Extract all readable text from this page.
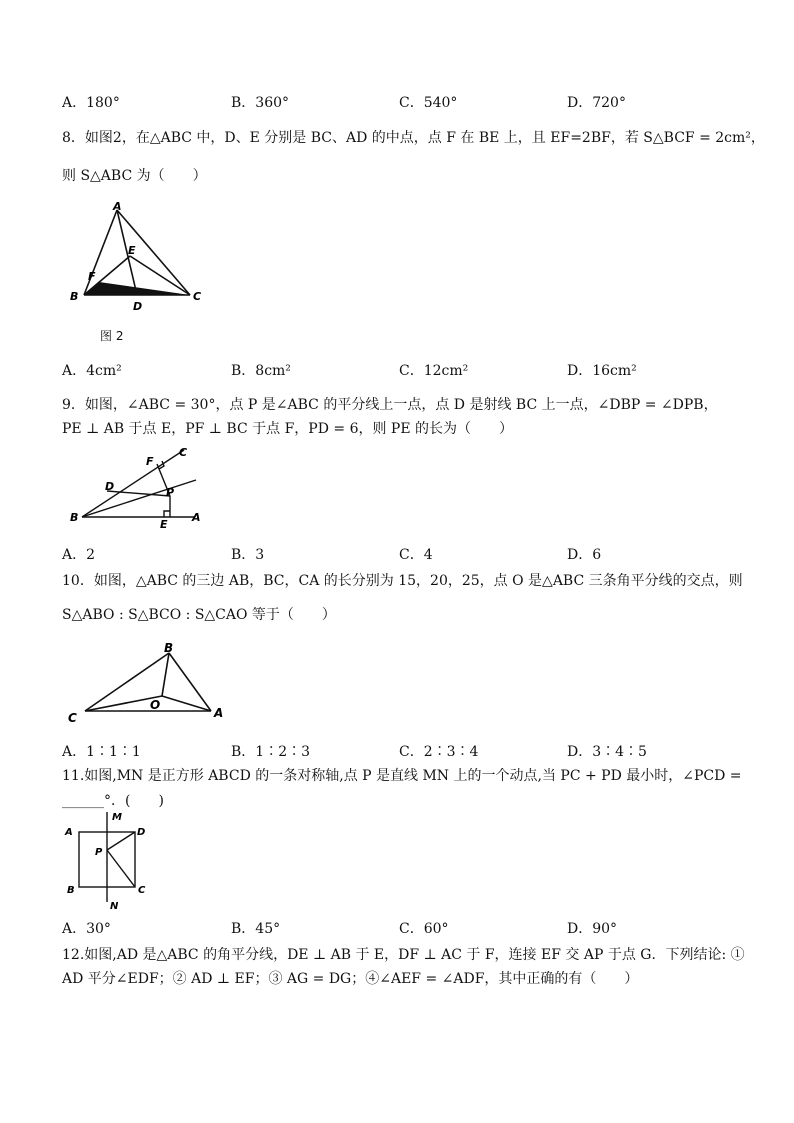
A．180°	B．360°	C．540°	D．720°
8．如图2，在△ABC 中，D、E 分别是 BC、AD 的中点，点 F 在 BE 上，且 EF=2BF，若 S△BCF = 2cm²，
则 S△ABC 为（　　）
A
B	C
D
E
F
图 2
A．4cm²	B．8cm²	C．12cm²	D．16cm²
9．如图，∠ABC = 30°，点 P 是∠ABC 的平分线上一点，点 D 是射线 BC 上一点，∠DBP = ∠DPB，
PE ⊥ AB 于点 E，PF ⊥ BC 于点 F，PD = 6，则 PE 的长为（　　）
C
F
D	P
B
E
A
A．2	B．3	C．4	D．6
10．如图，△ABC 的三边 AB，BC，CA 的长分别为 15，20，25，点 O 是△ABC 三条角平分线的交点，则
S△ABO : S△BCO : S△CAO 等于（　　）
B
C	A
O
A．1∶1∶1	B．1∶2∶3	C．2∶3∶4	D．3∶4∶5
11.如图,MN 是正方形 ABCD 的一条对称轴,点 P 是直线 MN 上的一个动点,当 PC + PD 最小时，∠PCD =
______°．(　　)
A
M
D
P
B	C
N
A．30°	B．45°	C．60°	D．90°
12.如图,AD 是△ABC 的角平分线，DE ⊥ AB 于 E，DF ⊥ AC 于 F，连接 EF 交 AP 于点 G．下列结论: ①
AD 平分∠EDF；② AD ⊥ EF；③ AG = DG；④∠AEF = ∠ADF，其中正确的有（　　）
